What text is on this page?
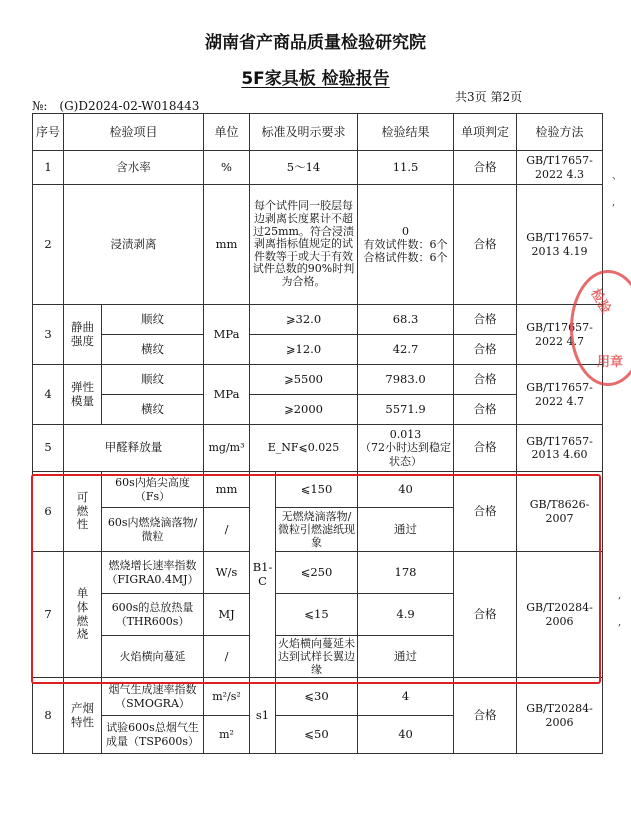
湖南省产商品质量检验研究院
5F家具板 检验报告
共3页 第2页
№:　(G)D2024-02-W018443
序号	检验项目		单位	标准及明示要求		检验结果	单项判定	检验方法
1	含水率		%	5～14		11.5	合格	GB/T17657-2022 4.3
2	浸渍剥离		mm	每个试件同一胶层每边剥离长度累计不超过25mm。符合浸渍剥离指标值规定的试件数等于或大于有效试件总数的90%时判为合格。		0
有效试件数：6个
合格试件数：6个	合格	GB/T17657-2013 4.19
3	静曲强度	顺纹	MPa	⩾32.0		68.3	合格	GB/T17657-2022 4.7
		横纹		⩾12.0		42.7	合格	
4	弹性模量	顺纹	MPa	⩾5500		7983.0	合格	GB/T17657-2022 4.7
		横纹		⩾2000		5571.9	合格	
5	甲醛释放量		mg/m³	E_NF⩽0.025		0.013
（72小时达到稳定
状态）	合格	GB/T17657-2013 4.60
6	可燃性	60s内焰尖高度（Fs）	mm	B1-C	⩽150	40	合格	GB/T8626-2007
		60s内燃烧滴落物/微粒	/		无燃烧滴落物/微粒引燃滤纸现象	通过		
7	单体燃烧	燃烧增长速率指数（FIGRA0.4MJ）	W/s		⩽250	178	合格	GB/T20284-2006
		600s的总放热量（THR600s）	MJ		⩽15	4.9		
		火焰横向蔓延	/		火焰横向蔓延未达到试样长翼边缘	通过		
8	产烟特性	烟气生成速率指数（SMOGRA）	m²/s²	s1	⩽30	4	合格	GB/T20284-2006
		试验600s总烟气生成量（TSP600s）	m²		⩽50	40		
检验
用章
、
,
,
,
